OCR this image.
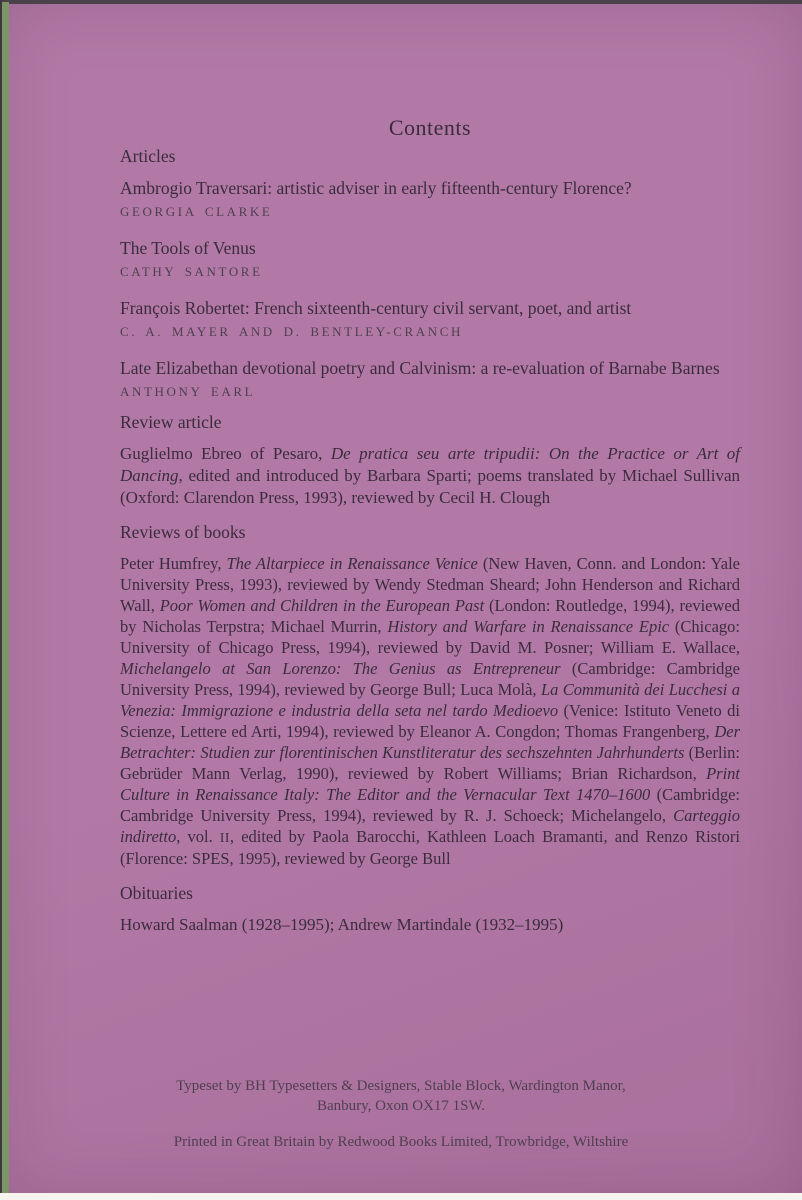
Contents
Articles
Ambrogio Traversari: artistic adviser in early fifteenth-century Florence?
GEORGIA CLARKE
The Tools of Venus
CATHY SANTORE
François Robertet: French sixteenth-century civil servant, poet, and artist
C. A. MAYER AND D. BENTLEY-CRANCH
Late Elizabethan devotional poetry and Calvinism: a re-evaluation of Barnabe Barnes
ANTHONY EARL
Review article
Guglielmo Ebreo of Pesaro, De pratica seu arte tripudii: On the Practice or Art of Dancing, edited and introduced by Barbara Sparti; poems translated by Michael Sullivan (Oxford: Clarendon Press, 1993), reviewed by Cecil H. Clough
Reviews of books
Peter Humfrey, The Altarpiece in Renaissance Venice (New Haven, Conn. and London: Yale University Press, 1993), reviewed by Wendy Stedman Sheard; John Henderson and Richard Wall, Poor Women and Children in the European Past (London: Routledge, 1994), reviewed by Nicholas Terpstra; Michael Murrin, History and Warfare in Renaissance Epic (Chicago: University of Chicago Press, 1994), reviewed by David M. Posner; William E. Wallace, Michelangelo at San Lorenzo: The Genius as Entrepreneur (Cambridge: Cambridge University Press, 1994), reviewed by George Bull; Luca Molà, La Communità dei Lucchesi a Venezia: Immigrazione e industria della seta nel tardo Medioevo (Venice: Istituto Veneto di Scienze, Lettere ed Arti, 1994), reviewed by Eleanor A. Congdon; Thomas Frangenberg, Der Betrachter: Studien zur florentinischen Kunstliteratur des sechszehnten Jahrhunderts (Berlin: Gebrüder Mann Verlag, 1990), reviewed by Robert Williams; Brian Richardson, Print Culture in Renaissance Italy: The Editor and the Vernacular Text 1470–1600 (Cambridge: Cambridge University Press, 1994), reviewed by R. J. Schoeck; Michelangelo, Carteggio indiretto, vol. II, edited by Paola Barocchi, Kathleen Loach Bramanti, and Renzo Ristori (Florence: SPES, 1995), reviewed by George Bull
Obituaries
Howard Saalman (1928–1995); Andrew Martindale (1932–1995)
Typeset by BH Typesetters & Designers, Stable Block, Wardington Manor,
Banbury, Oxon OX17 1SW.
Printed in Great Britain by Redwood Books Limited, Trowbridge, Wiltshire
